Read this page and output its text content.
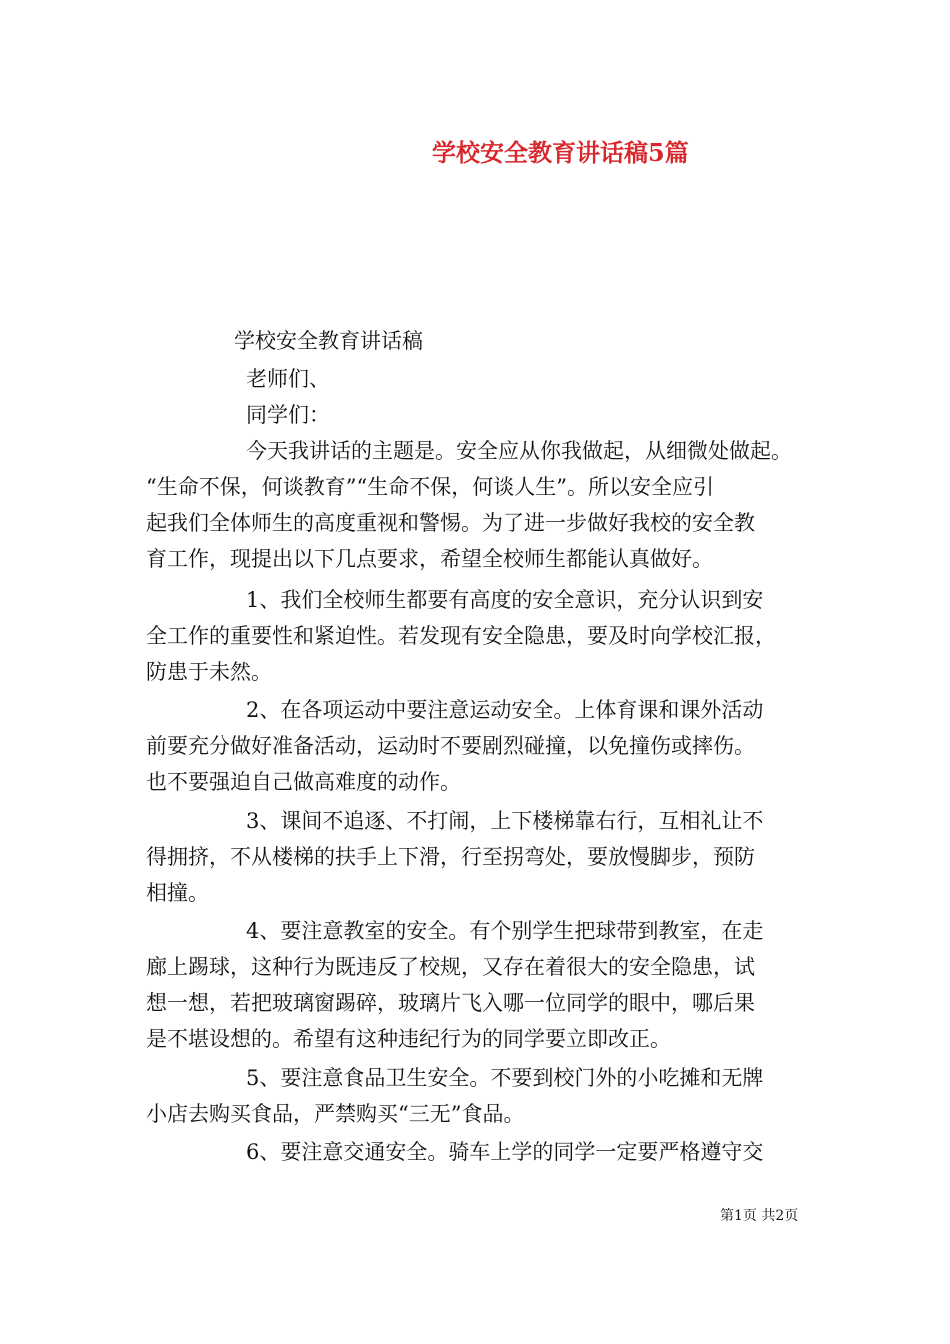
学校安全教育讲话稿5篇
学校安全教育讲话稿
老师们、
同学们：
今天我讲话的主题是。安全应从你我做起，从细微处做起。
“生命不保，何谈教育”“生命不保，何谈人生”。所以安全应引
起我们全体师生的高度重视和警惕。为了进一步做好我校的安全教
育工作，现提出以下几点要求，希望全校师生都能认真做好。
1、我们全校师生都要有高度的安全意识，充分认识到安
全工作的重要性和紧迫性。若发现有安全隐患，要及时向学校汇报，
防患于未然。
2、在各项运动中要注意运动安全。上体育课和课外活动
前要充分做好准备活动，运动时不要剧烈碰撞，以免撞伤或摔伤。
也不要强迫自己做高难度的动作。
3、课间不追逐、不打闹，上下楼梯靠右行，互相礼让不
得拥挤，不从楼梯的扶手上下滑，行至拐弯处，要放慢脚步，预防
相撞。
4、要注意教室的安全。有个别学生把球带到教室，在走
廊上踢球，这种行为既违反了校规，又存在着很大的安全隐患，试
想一想，若把玻璃窗踢碎，玻璃片飞入哪一位同学的眼中，哪后果
是不堪设想的。希望有这种违纪行为的同学要立即改正。
5、要注意食品卫生安全。不要到校门外的小吃摊和无牌
小店去购买食品，严禁购买“三无”食品。
6、要注意交通安全。骑车上学的同学一定要严格遵守交
第1页 共2页
